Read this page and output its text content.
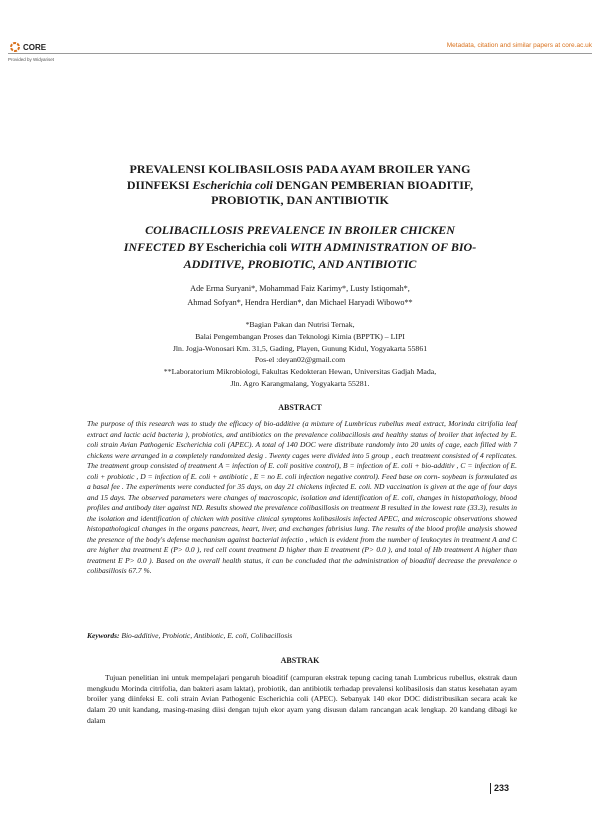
CORE	Metadata, citation and similar papers at core.ac.uk
Provided by Widyariset
PREVALENSI KOLIBASILOSIS PADA AYAM BROILER YANG
DIINFEKSI Escherichia coli DENGAN PEMBERIAN BIOADITIF,
PROBIOTIK, DAN ANTIBIOTIK
COLIBACILLOSIS PREVALENCE IN BROILER CHICKEN
INFECTED BY Escherichia coli WITH ADMINISTRATION OF BIO-
ADDITIVE, PROBIOTIC, AND ANTIBIOTIC
Ade Erma Suryani*, Mohammad Faiz Karimy*, Lusty Istiqomah*,
Ahmad Sofyan*, Hendra Herdian*, dan Michael Haryadi Wibowo**
*Bagian Pakan dan Nutrisi Ternak,
Balai Pengembangan Proses dan Teknologi Kimia (BPPTK) – LIPI
Jln. Jogja-Wonosari Km. 31,5, Gading, Playen, Gunung Kidul, Yogyakarta 55861
Pos-el :deyan02@gmail.com
**Laboratorium Mikrobiologi, Fakultas Kedokteran Hewan, Universitas Gadjah Mada,
Jln. Agro Karangmalang, Yogyakarta 55281.
ABSTRACT
The purpose of this research was to study the efficacy of bio-additive (a mixture of Lumbricus rubellus meal extract, Morinda citrifolia leaf extract and lactic acid bacteria ), probiotics, and antibiotics on the prevalence colibacillosis and healthy status of broiler that infected by E. coli strain Avian Pathogenic Escherichia coli (APEC). A total of 140 DOC were distribute randomly into 20 units of cage, each filled with 7 chickens were arranged in a completely randomized desig . Twenty cages were divided into 5 group , each treatment consisted of 4 replicates. The treatment group consisted of treatment A = infection of E. coli positive control), B = infection of E. coli + bio-additiv , C = infection of E. coli + probiotic , D = infection of E. coli + antibiotic , E = no E. coli infection negative control). Feed base on corn- soybean is formulated as a basal fee . The experiments were conducted for 35 days, on day 21 chickens infected E. coli. ND vaccination is given at the age of four days and 15 days. The observed parameters were changes of macroscopic, isolation and identification of E. coli, changes in histopathology, blood profiles and antibody titer against ND. Results showed the prevalence colibasillosis on treatment B resulted in the lowest rate (33.3), results in the isolation and identification of chicken with positive clinical symptoms kolibasilosis infected APEC, and microscopic observations showed histopathological changes in the organs pancreas, heart, liver, and exchanges fabrisius lung. The results of the blood profile analysis showed the presence of the body's defense mechanism against bacterial infectio , which is evident from the number of leukocytes in treatment A and C are higher tha treatment E (P> 0.0 ), red cell count treatment D higher than E treatment (P> 0.0 ), and total of Hb treatment A higher than treatment E P> 0.0 ). Based on the overall health status, it can be concluded that the administration of bioaditif decrease the prevalence o colibasillosis 67.7 %.
Keywords: Bio-additive, Probiotic, Antibiotic, E. coli, Colibacillosis
ABSTRAK
Tujuan penelitian ini untuk mempelajari pengaruh bioaditif (campuran ekstrak tepung cacing tanah Lumbricus rubellus, ekstrak daun mengkudu Morinda citrifolia, dan bakteri asam laktat), probiotik, dan antibiotik terhadap prevalensi kolibasilosis dan status kesehatan ayam broiler yang diinfeksi E. coli strain Avian Pathogenic Escherichia coli (APEC). Sebanyak 140 ekor DOC didistribusikan secara acak ke dalam 20 unit kandang, masing-masing diisi dengan tujuh ekor ayam yang disusun dalam rancangan acak lengkap. 20 kandang dibagi ke dalam
233
